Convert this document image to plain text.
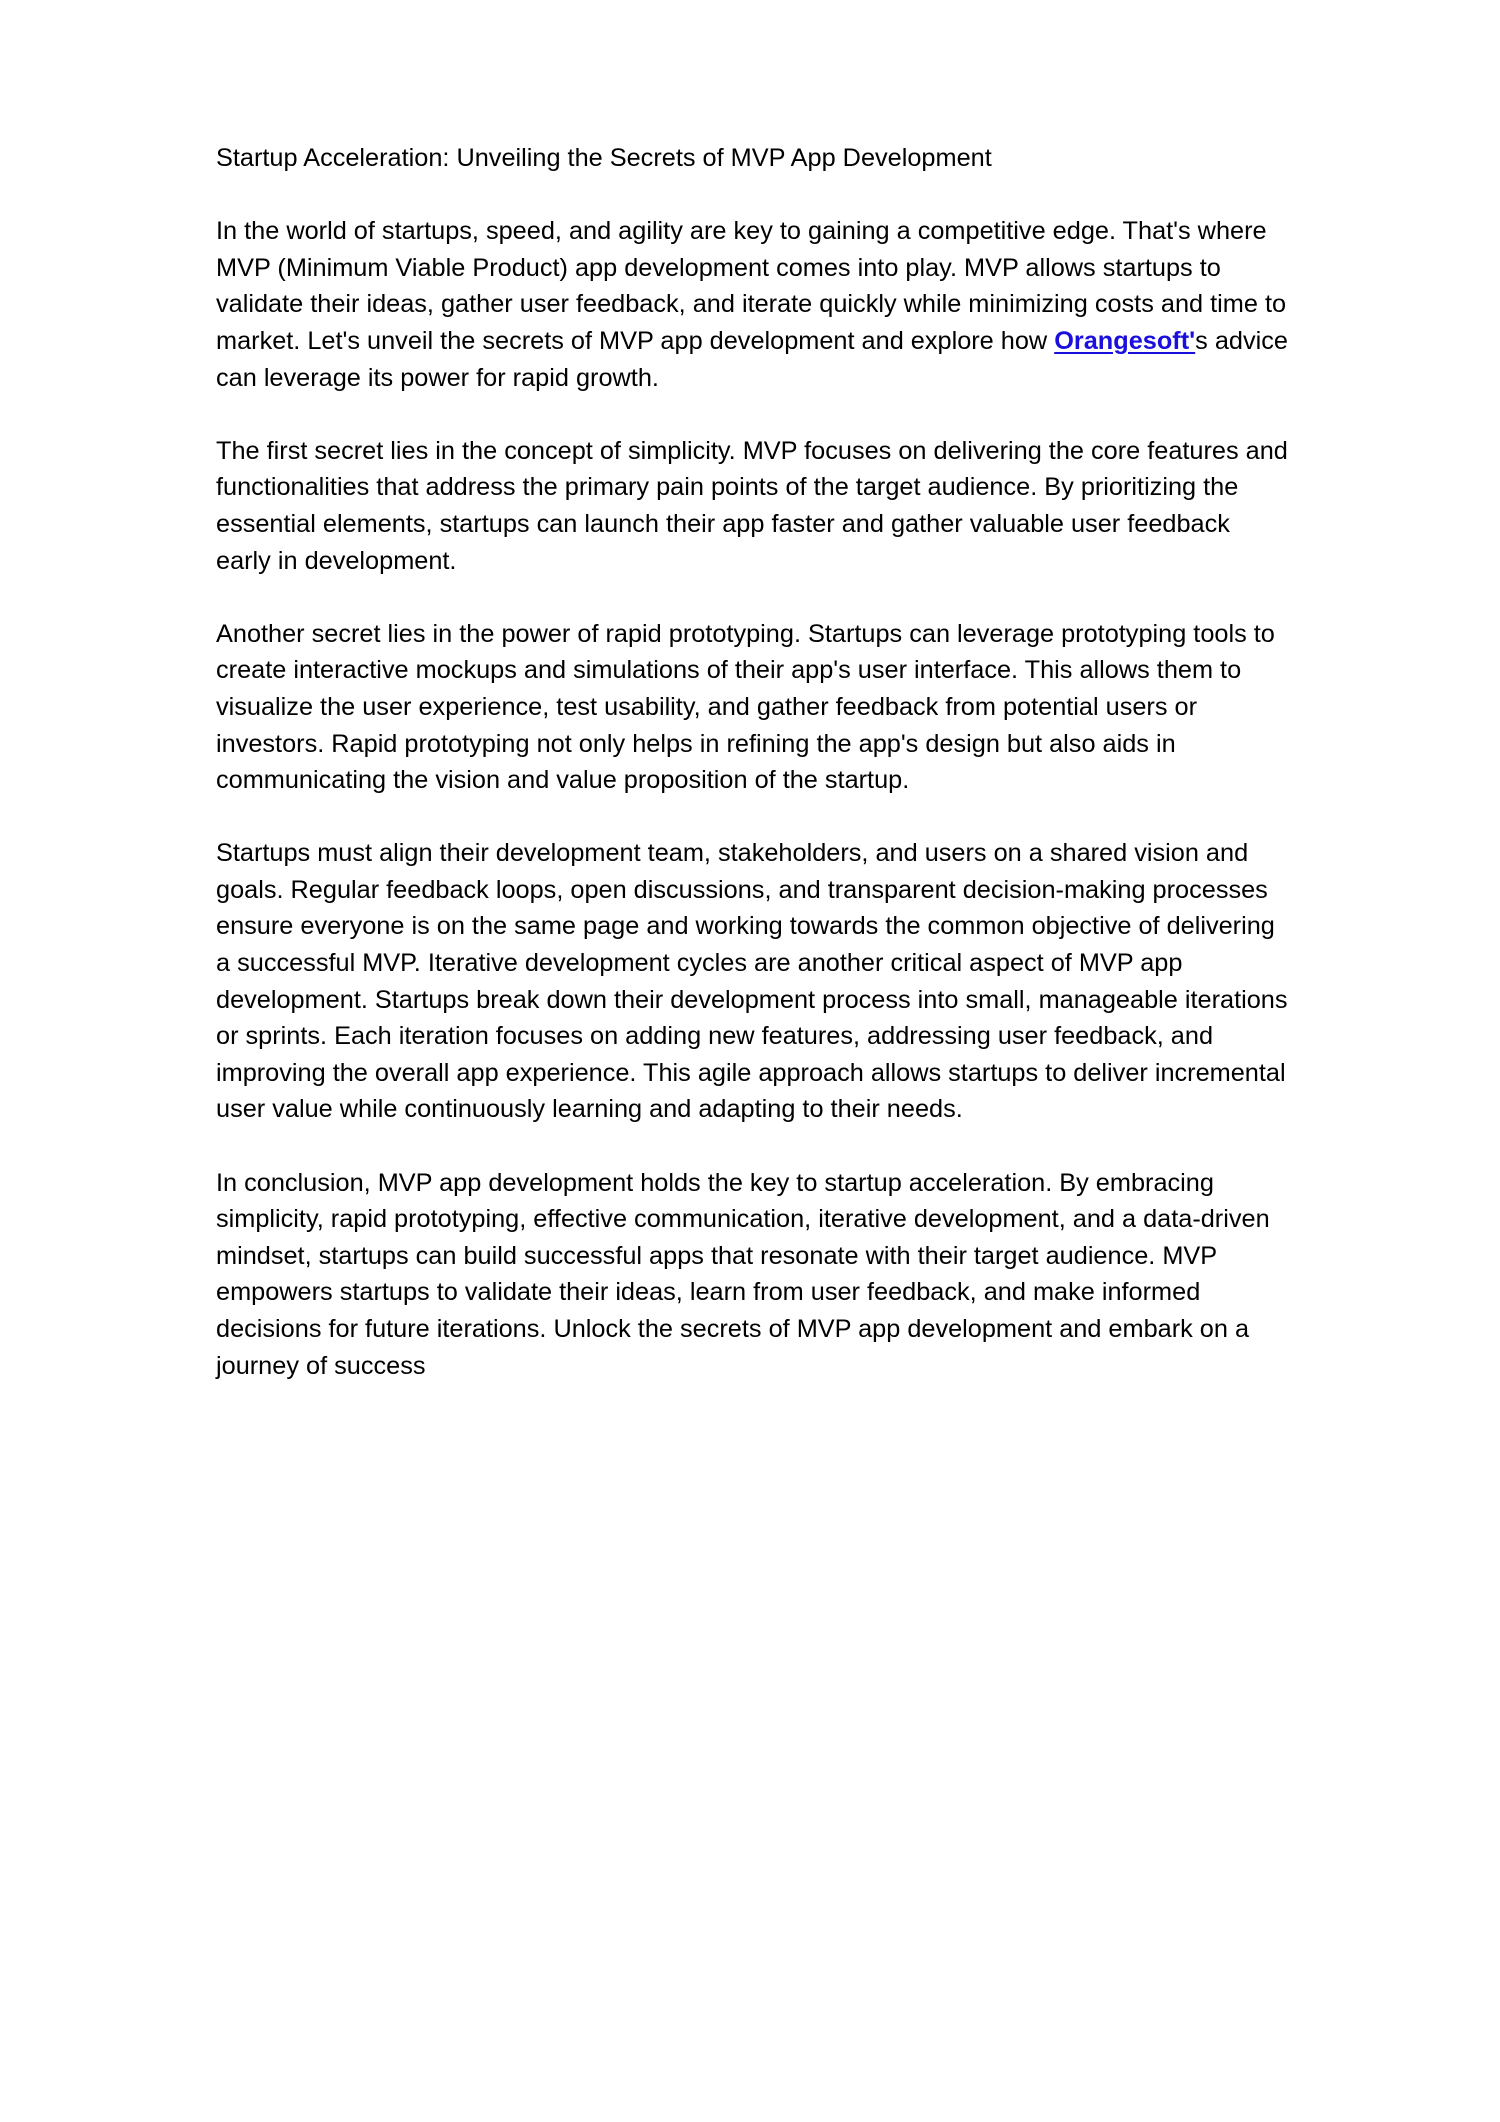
Startup Acceleration: Unveiling the Secrets of MVP App Development
In the world of startups, speed, and agility are key to gaining a competitive edge. That's where
MVP (Minimum Viable Product) app development comes into play. MVP allows startups to
validate their ideas, gather user feedback, and iterate quickly while minimizing costs and time to
market. Let's unveil the secrets of MVP app development and explore how Orangesoft's advice
can leverage its power for rapid growth.
The first secret lies in the concept of simplicity. MVP focuses on delivering the core features and
functionalities that address the primary pain points of the target audience. By prioritizing the
essential elements, startups can launch their app faster and gather valuable user feedback
early in development.
Another secret lies in the power of rapid prototyping. Startups can leverage prototyping tools to
create interactive mockups and simulations of their app's user interface. This allows them to
visualize the user experience, test usability, and gather feedback from potential users or
investors. Rapid prototyping not only helps in refining the app's design but also aids in
communicating the vision and value proposition of the startup.
Startups must align their development team, stakeholders, and users on a shared vision and
goals. Regular feedback loops, open discussions, and transparent decision-making processes
ensure everyone is on the same page and working towards the common objective of delivering
a successful MVP. Iterative development cycles are another critical aspect of MVP app
development. Startups break down their development process into small, manageable iterations
or sprints. Each iteration focuses on adding new features, addressing user feedback, and
improving the overall app experience. This agile approach allows startups to deliver incremental
user value while continuously learning and adapting to their needs.
In conclusion, MVP app development holds the key to startup acceleration. By embracing
simplicity, rapid prototyping, effective communication, iterative development, and a data-driven
mindset, startups can build successful apps that resonate with their target audience. MVP
empowers startups to validate their ideas, learn from user feedback, and make informed
decisions for future iterations. Unlock the secrets of MVP app development and embark on a
journey of success
